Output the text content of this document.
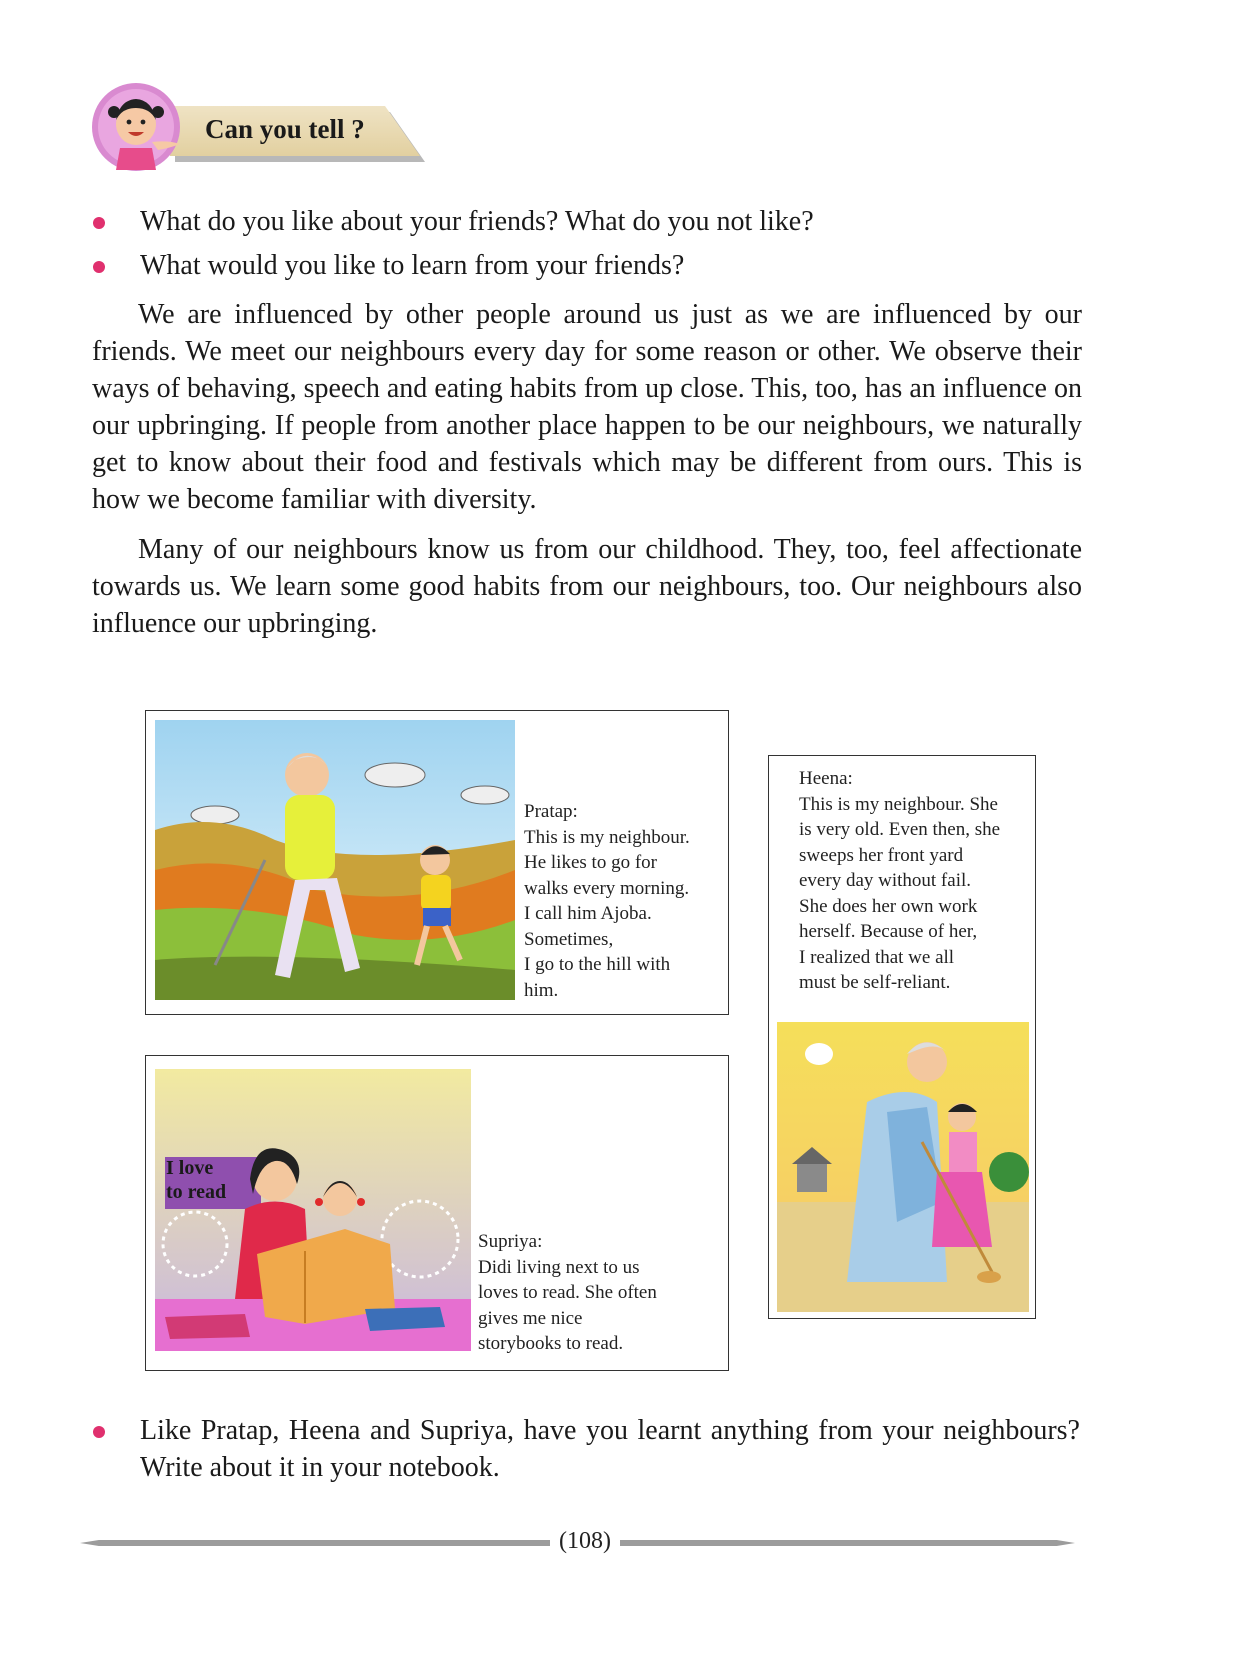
Can you tell ?
What do you like about your friends? What do you not like?
What would you like to learn from your friends?

We are influenced by other people around us just as we are influenced by our friends. We meet our neighbours every day for some reason or other. We observe their ways of behaving, speech and eating habits from up close. This, too, has an influence on our upbringing. If people from another place happen to be our neighbours, we naturally get to know about their food and festivals which may be different from ours. This is how we become familiar with diversity.

Many of our neighbours know us from our childhood. They, too, feel affectionate towards us. We learn some good habits from our neighbours, too. Our neighbours also influence our upbringing.

Pratap:
This is my neighbour.
He likes to go for
walks every morning.
I call him Ajoba.
Sometimes,
I go to the hill with
him.
Heena:
This is my neighbour. She
is very old. Even then, she
sweeps her front yard
every day without fail.
She does her own work
herself. Because of her,
I realized that we all
must be self-reliant.
I love
to read
Supriya:
Didi living next to us
loves to read. She often
gives me nice
storybooks to read.
Like Pratap, Heena and Supriya, have you learnt anything from your neighbours? Write about it in your notebook.
(108)
